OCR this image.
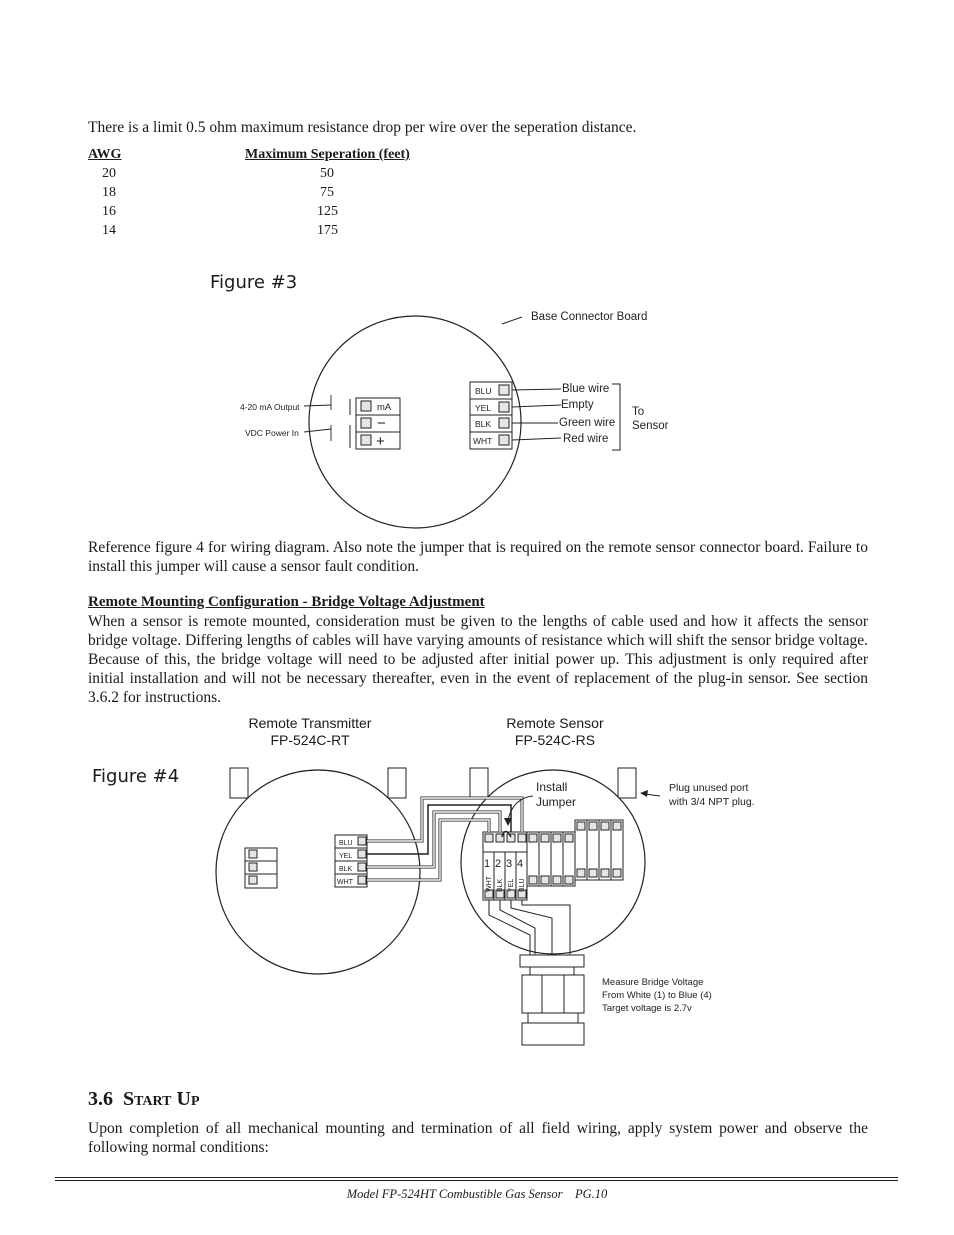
There is a limit 0.5 ohm maximum resistance drop per wire over the seperation distance.
AWG	Maximum Seperation (feet)
20	50
18	75
16	125
14	175
Figure #3
Base Connector Board
mA
−
+
4-20 mA Output
VDC Power In
BLU
YEL
BLK
WHT
Blue wire
Empty
Green wire
Red wire
To
Sensor
Reference figure 4 for wiring diagram. Also note the jumper that is required on the remote sensor connector board. Failure to install this jumper will cause a sensor fault condition.
Remote Mounting Configuration - Bridge Voltage Adjustment
When a sensor is remote mounted, consideration must be given to the lengths of cable used and how it affects the sensor bridge voltage. Differing lengths of cables will have varying amounts of resistance which will shift the sensor bridge voltage. Because of this, the bridge voltage will need to be adjusted after initial power up. This adjustment is only required after initial installation and will not be necessary thereafter, even in the event of replacement of the plug-in sensor. See section 3.6.2 for instructions.
Figure #4
Remote Transmitter
FP-524C-RT
Remote Sensor
FP-524C-RS
BLU
YEL
BLK
WHT
1 2 3 4
WHT BLK YEL BLU
Install
Jumper
Plug unused port
with 3/4 NPT plug.
Measure Bridge Voltage
From White (1) to Blue (4)
Target voltage is 2.7v
3.6 START UP
Upon completion of all mechanical mounting and termination of all field wiring, apply system power and observe the following normal conditions:
Model FP-524HT Combustible Gas Sensor    PG.10
